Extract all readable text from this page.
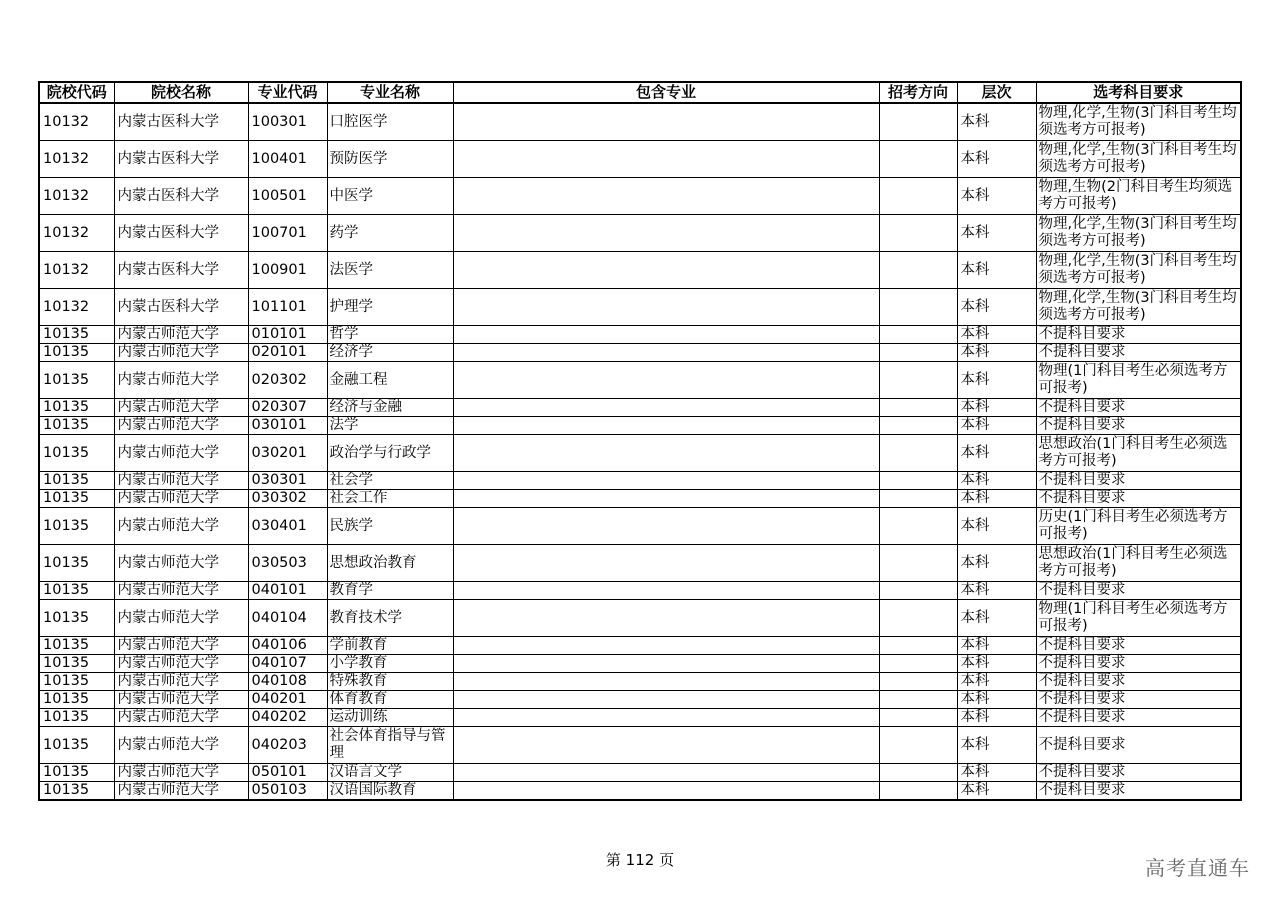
院校代码	院校名称	专业代码	专业名称	包含专业	招考方向	层次	选考科目要求
10132	内蒙古医科大学	100301	口腔医学			本科	物理,化学,生物(3门科目考生均须选考方可报考)
10132	内蒙古医科大学	100401	预防医学			本科	物理,化学,生物(3门科目考生均须选考方可报考)
10132	内蒙古医科大学	100501	中医学			本科	物理,生物(2门科目考生均须选考方可报考)
10132	内蒙古医科大学	100701	药学			本科	物理,化学,生物(3门科目考生均须选考方可报考)
10132	内蒙古医科大学	100901	法医学			本科	物理,化学,生物(3门科目考生均须选考方可报考)
10132	内蒙古医科大学	101101	护理学			本科	物理,化学,生物(3门科目考生均须选考方可报考)
10135	内蒙古师范大学	010101	哲学			本科	不提科目要求
10135	内蒙古师范大学	020101	经济学			本科	不提科目要求
10135	内蒙古师范大学	020302	金融工程			本科	物理(1门科目考生必须选考方可报考)
10135	内蒙古师范大学	020307	经济与金融			本科	不提科目要求
10135	内蒙古师范大学	030101	法学			本科	不提科目要求
10135	内蒙古师范大学	030201	政治学与行政学			本科	思想政治(1门科目考生必须选考方可报考)
10135	内蒙古师范大学	030301	社会学			本科	不提科目要求
10135	内蒙古师范大学	030302	社会工作			本科	不提科目要求
10135	内蒙古师范大学	030401	民族学			本科	历史(1门科目考生必须选考方可报考)
10135	内蒙古师范大学	030503	思想政治教育			本科	思想政治(1门科目考生必须选考方可报考)
10135	内蒙古师范大学	040101	教育学			本科	不提科目要求
10135	内蒙古师范大学	040104	教育技术学			本科	物理(1门科目考生必须选考方可报考)
10135	内蒙古师范大学	040106	学前教育			本科	不提科目要求
10135	内蒙古师范大学	040107	小学教育			本科	不提科目要求
10135	内蒙古师范大学	040108	特殊教育			本科	不提科目要求
10135	内蒙古师范大学	040201	体育教育			本科	不提科目要求
10135	内蒙古师范大学	040202	运动训练			本科	不提科目要求
10135	内蒙古师范大学	040203	社会体育指导与管理			本科	不提科目要求
10135	内蒙古师范大学	050101	汉语言文学			本科	不提科目要求
10135	内蒙古师范大学	050103	汉语国际教育			本科	不提科目要求
第 112 页	高考直通车
